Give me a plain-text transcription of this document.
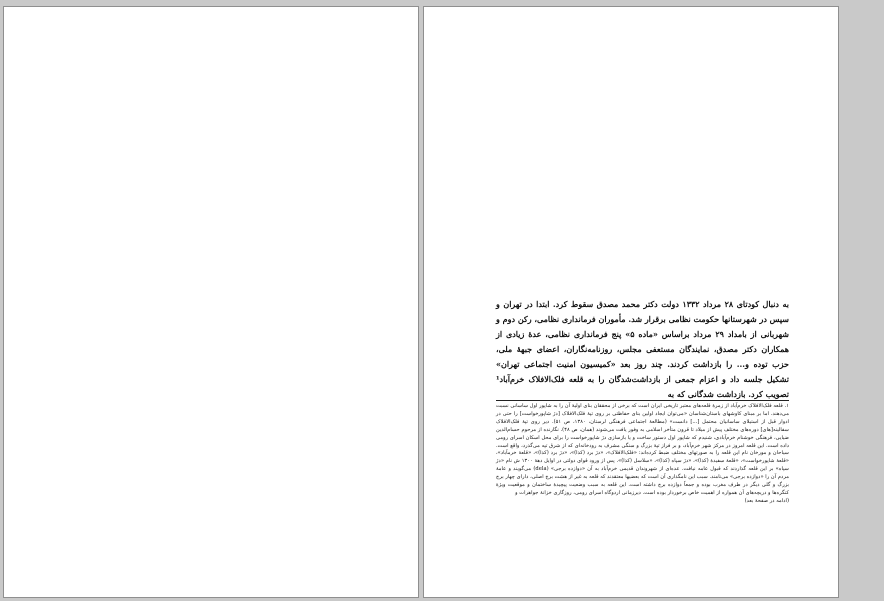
به دنبال کودتای ۲۸ مرداد ۱۳۳۲ دولت دکتر محمد مصدق سقوط کرد. ابتدا در تهران و سپس در شهرستانها حکومت نظامی برقرار شد. مأموران فرمانداری نظامی، رکن دوم و شهربانی از بامداد ۲۹ مرداد براساس «ماده ۵» پنج فرمانداری نظامی، عدهٔ زیادی از همکاران دکتر مصدق، نمایندگان مستعفی مجلس، روزنامه‌نگاران، اعضای جبههٔ ملی، حزب توده و... را بازداشت کردند. چند روز بعد «کمیسیون امنیت اجتماعی تهران» تشکیل جلسه داد و اعزام جمعی از بازداشت‌شدگان را به قلعه فلک‌الافلاک خرم‌آباد¹ تصویب کرد. بازداشت شدگانی که به

۱. قلعه فلک‌الافلاک خرم‌آباد از زمرهٔ قلعه‌های معتبر تاریخی ایران است که برخی از محققان بنای اولیهٔ آن را به شاپور اول ساسانی نسبت می‌دهند. اما بر مبنای کاوشهای باستان‌شناسان «می‌توان ایجاد اولین بنای حفاظتی بر روی تپهٔ فلک‌الافلاک [دژ شاپورخواست] را حتی در ادوار قبل از استیلای ساسانیان محتمل [...] دانست» (مطالعهٔ اجتماعی فرهنگی لرستان، ۱۳۸۰، ص ۵۱). دیر روی تپهٔ فلک‌الافلاک سفالینه[های] دوره‌های مختلف پیش از میلاد تا قرون متأخر اسلامی به وفور یافت می‌شوند (همان، ص ۴۸). نگارنده از مرحوم حسام‌الدین ضیایی، فرهنگی خوشنام خرم‌آبادی، شنیدم که شاپور اول دستور ساخت و یا بازسازی دژ شاپورخواست را برای محل اسکان اسرای رومی داده است. این قلعه امروز در مرکز شهر خرم‌آباد، و بر فراز تپهٔ بزرگ و سنگی مشرف به رودخانه‌ای که از شرق تپه می‌گذرد، واقع است. سیاحان و مورخان نام این قلعه را به صورتهای مختلف ضبط کرده‌اند: «فلک‌الافلاک»، «دژ برد (کذا)»، «دژ برد (کذا)»، «قلعهٔ خرمآباد»، «قلعهٔ شاپورخواست»، «قلعهٔ سفیدهٔ (کذا)»، «دژ سپاه (کذا)»، «سلاسل (کذا)». پس از ورود قوای دولتی در اوایل دههٔ ۱۳۰۰ ش نام «دژ سپاه» بر این قلعه گذاردند که قبول عامه نیافت. عده‌ای از شهروندان قدیمی خرم‌آباد به آن «دوازده برجی» (dela) می‌گویند و عامهٔ مردم آن را «دوازده برجی» می‌نامند. سبب این نامگذاری آن است که بعضیها معتقدند که قلعه به غیر از هشت برج اصلی، دارای چهار برج بزرگ و گلی دیگر در طرف مغرب بوده و جمعاً دوازده برج داشته است. این قلعه به سبب وضعیت پیچیدهٔ ساختمان و موقعیت ویژهٔ کنگره‌ها و دریچه‌های آن همواره از اهمیت خاص برخوردار بوده است. دیرزمانی اردوگاه اسرای رومی، روزگاری خزانهٔ جواهرات و

(ادامه در صفحهٔ بعد)
